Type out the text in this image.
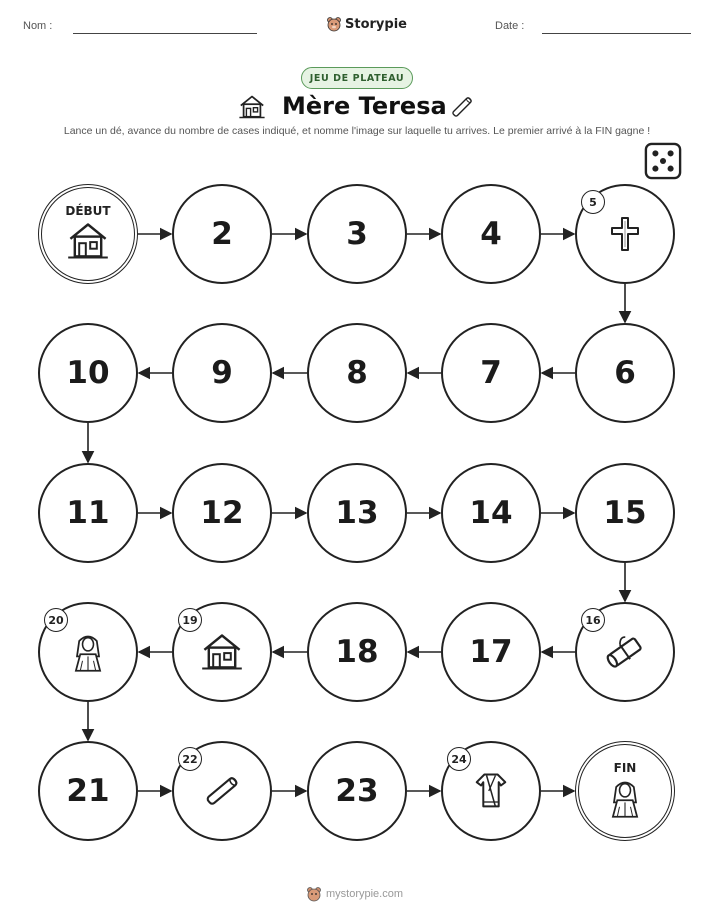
Nom :	Storypie	Date :
JEU DE PLATEAU
Mère Teresa
Lance un dé, avance du nombre de cases indiqué, et nomme l'image sur laquelle tu arrives. Le premier arrivé à la FIN gagne !
DÉBUT
2	3	4
5
6
7
8
9
10
11	12	13	14	15
16
17
18
19
20
21
22
23
24
FIN
mystorypie.com
